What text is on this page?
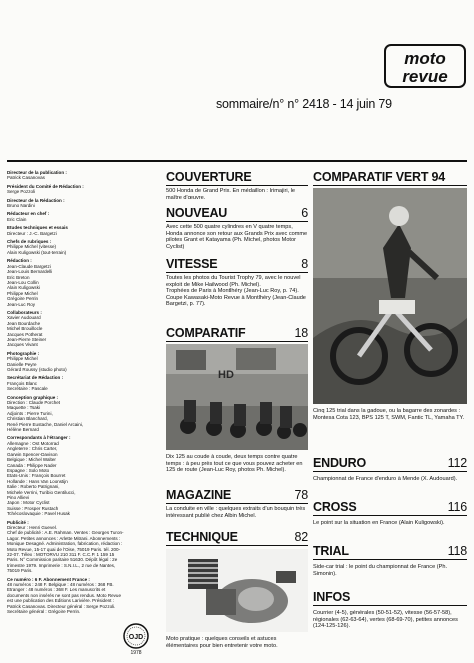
moto
revue
sommaire/n° n° 2418 - 14 juin 79

Directeur de la publication :
Patrick Casanovas

Président du Comité de Rédaction :
Serge Pozzoli

Directeur de la Rédaction :
Bruno Nardini

Rédacteur en chef :
Eric Clain

Etudes techniques et essais
Directeur : J.-C. Bargetzi

Chefs de rubriques :
Philippe Michel (vitesse)
Alain Kuligowski (tout-terrain)

Rédaction :
Jean-Claude Bargetzi
Jean-Louis Bernardelli
Eric Breton
Jean-Lou Collin
Alain Kuligowski
Philippe Michel
Grégoire Perrin
Jean-Luc Roy

Collaborateurs :
Xavier Audouard
Jean Bourdache
Michel Brouillocle
Jacques Potherat
Jean-Pierre Steiner
Jacques Vivant

Photographie :
Philippe Michel
Danielle Peyre
Gérard Roussy (studio photo)

Secrétariat de Rédaction :
François Blanc
Secrétaire : Pascale

Conception graphique :
Direction : Claude Porchet
Maquette : Tsaki
Adjoints : Pierre Turini,
Christian Blanchard,
René Pierre Eustache, Daniel Arcaini,
Hélène Bernard

Correspondants à l'étranger :
Allemagne : Ost Motorrad
Angleterre : Chris Carter,
Garwin Spencer-Davison
Belgique : Michel Walter
Canada : Philippe Nader
Espagne : Solo Moto
Etats-Unis : François Bourret
Hollande : Hans Van Loonstijn
Italie : Roberto Patrignani,
Michele Verrini, Turibio Gentilucci,
Pino Allievi
Japon : Motor Cyclist
Suisse : Prosper Rustach
Tchécoslovaquie : Pavel Husak

Publicité :
Directeur : Henri Guevel.
Chef de publicité : A.E. Rahman. Ventes : Georges Turon-Lagor. Petites annonces : Arlette Mitrani. Abonnements : Monique Desagné. Administration, fabrication, rédaction : Moto Revue, 15-17 quai de l'Oise, 75019 Paris. tél. 200-22-07. Télex : MOTORVU 210 311 F. C.C.P. 1 159 15 Paris. N° Commission paritaire 51630. Dépôt légal : 2e trimestre 1979. Imprimerie : S.N.I.L., 2 rue de Nantes, 75019 Paris.

Ce numéro : 6 F. Abonnement France :
48 numéros : 248 F. Belgique : 48 numéros : 368 FB. Etranger : 48 numéros : 368 F. Les manuscrits et documents non insérés ne sont pas rendus. Moto Revue est une publication des Editions Larivière. Président : Patrick Casanovas. Directeur général : Serge Pozzoli. Secrétaire général : Grégoire Perrin.

COUVERTURE
500 Honda de Grand Prix. En médaillon : Irimajiri, le maître d'œuvre.
NOUVEAU	6
Avec cette 500 quatre cylindres en V quatre temps, Honda annonce son retour aux Grands Prix avec comme pilotes Grant et Katayama (Ph. Michel, photos Motor Cyclist)
VITESSE	8
Toutes les photos du Tourist Trophy 79, avec le nouvel exploit de Mike Hailwood (Ph. Michel).
Trophées de Paris à Montlhéry (Jean-Luc Roy, p. 74).
Coupe Kawasaki-Moto Revue à Montlhéry (Jean-Claude Bargetzi, p. 77).
COMPARATIF	18
HD
Dix 125 au coude à coude, deux temps contre quatre temps : à peu près tout ce que vous pouvez acheter en 125 de route (Jean-Luc Roy, photos Ph. Michel).
MAGAZINE	78
La conduite en ville : quelques extraits d'un bouquin très intéressant publié chez Albin Michel.
TECHNIQUE	82
Moto pratique : quelques conseils et astuces élémentaires pour bien entretenir votre moto.
OJD
1978
COMPARATIF VERT 94
Cinq 125 trial dans la gadoue, ou la bagarre des zonardes : Montesa Cota 123, BPS 125 T, SWM, Fantic TL, Yamaha TY.
ENDURO	112
Championnat de France d'enduro à Mende (X. Audouard).
CROSS	116
Le point sur la situation en France (Alain Kuligowski).
TRIAL	118
Side-car trial : le point du championnat de France (Ph. Simonin).
INFOS
Courrier (4-5), générales (50-51-52), vitesse (56-57-58), régionales (62-63-64), vertes (68-69-70), petites annonces (124-125-126).
